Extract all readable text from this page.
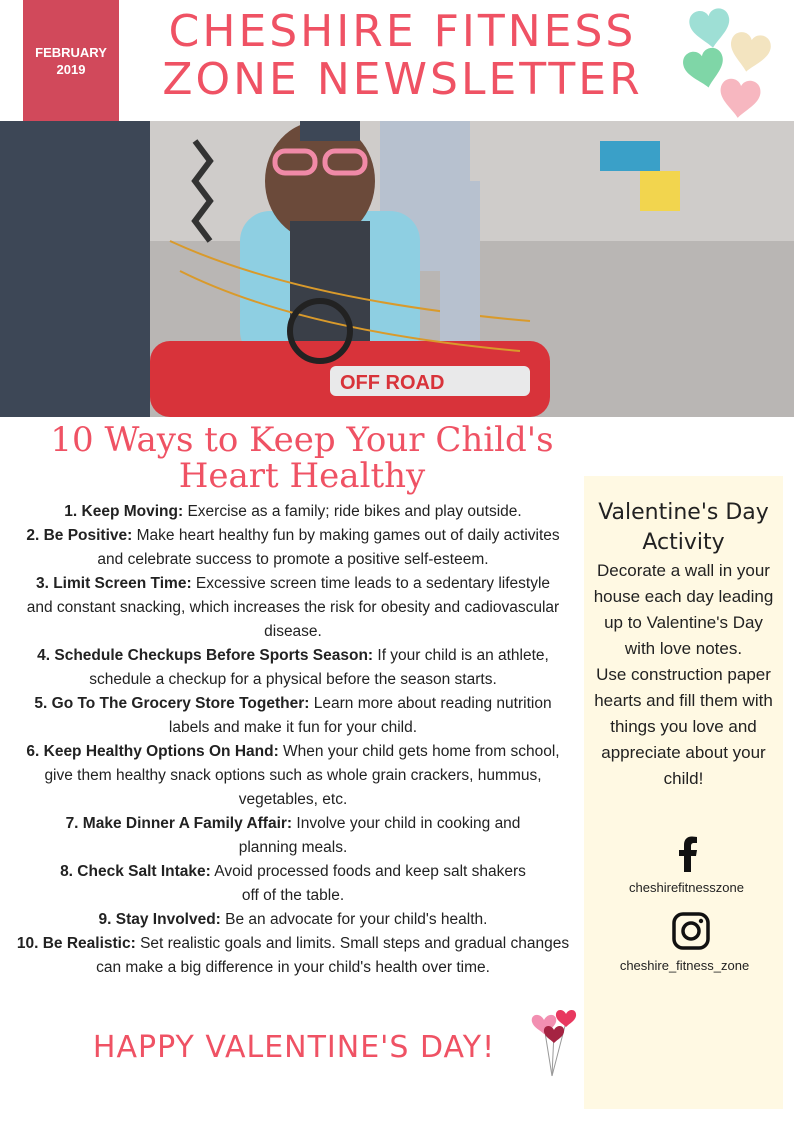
FEBRUARY
2019
CHESHIRE FITNESS
ZONE NEWSLETTER
OFF ROAD
10 Ways to Keep Your Child's
Heart Healthy

1. Keep Moving: Exercise as a family; ride bikes and play outside.

2. Be Positive: Make heart healthy fun by making games out of daily activites and celebrate success to promote a positive self-esteem.

3. Limit Screen Time: Excessive screen time leads to a sedentary lifestyle and constant snacking, which increases the risk for obesity and cadiovascular disease.

4. Schedule Checkups Before Sports Season: If your child is an athlete, schedule a checkup for a physical before the season starts.

5. Go To The Grocery Store Together: Learn more about reading nutrition labels and make it fun for your child.

6. Keep Healthy Options On Hand: When your child gets home from school, give them healthy snack options such as whole grain crackers, hummus, vegetables, etc.

7. Make Dinner A Family Affair: Involve your child in cooking and planning meals.

8. Check Salt Intake: Avoid processed foods and keep salt shakers off of the table.

9. Stay Involved: Be an advocate for your child's health.

10. Be Realistic: Set realistic goals and limits. Small steps and gradual changes can make a big difference in your child's health over time.

HAPPY VALENTINE'S DAY!
Valentine's Day
Activity

Decorate a wall in your house each day leading up to Valentine's Day with love notes.

Use construction paper hearts and fill them with things you love and appreciate about your child!

cheshirefitnesszone
cheshire_fitness_zone
